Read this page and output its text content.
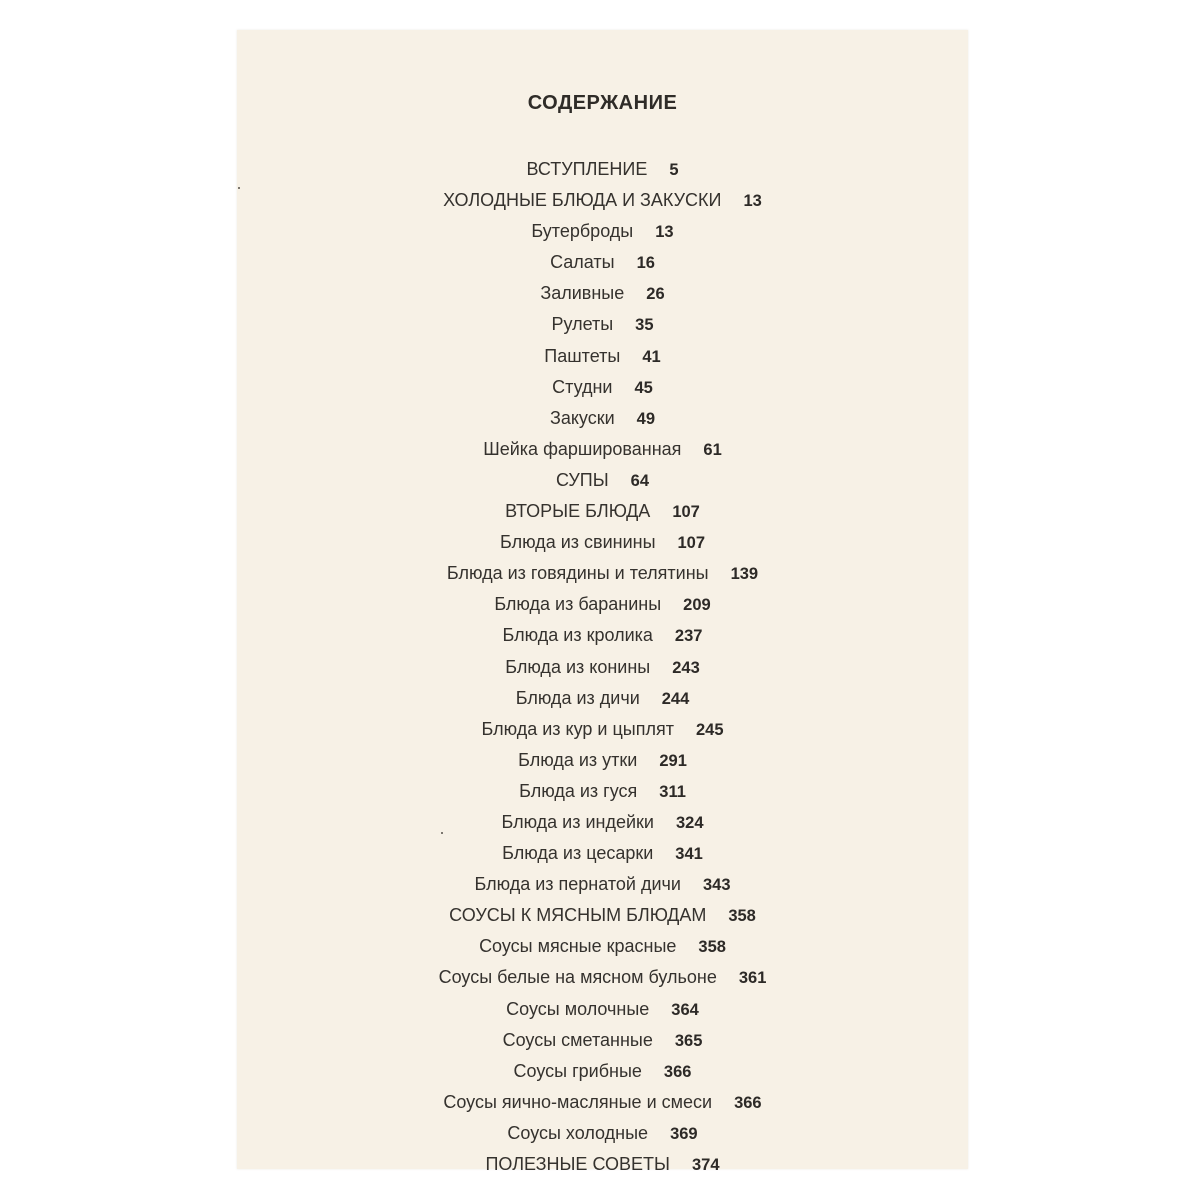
СОДЕРЖАНИЕ
ВСТУПЛЕНИЕ 5
ХОЛОДНЫЕ БЛЮДА И ЗАКУСКИ 13
Бутерброды 13
Салаты 16
Заливные 26
Рулеты 35
Паштеты 41
Студни 45
Закуски 49
Шейка фаршированная 61
СУПЫ 64
ВТОРЫЕ БЛЮДА 107
Блюда из свинины 107
Блюда из говядины и телятины 139
Блюда из баранины 209
Блюда из кролика 237
Блюда из конины 243
Блюда из дичи 244
Блюда из кур и цыплят 245
Блюда из утки 291
Блюда из гуся 311
Блюда из индейки 324
Блюда из цесарки 341
Блюда из пернатой дичи 343
СОУСЫ К МЯСНЫМ БЛЮДАМ 358
Соусы мясные красные 358
Соусы белые на мясном бульоне 361
Соусы молочные 364
Соусы сметанные 365
Соусы грибные 366
Соусы яично-масляные и смеси 366
Соусы холодные 369
ПОЛЕЗНЫЕ СОВЕТЫ 374
